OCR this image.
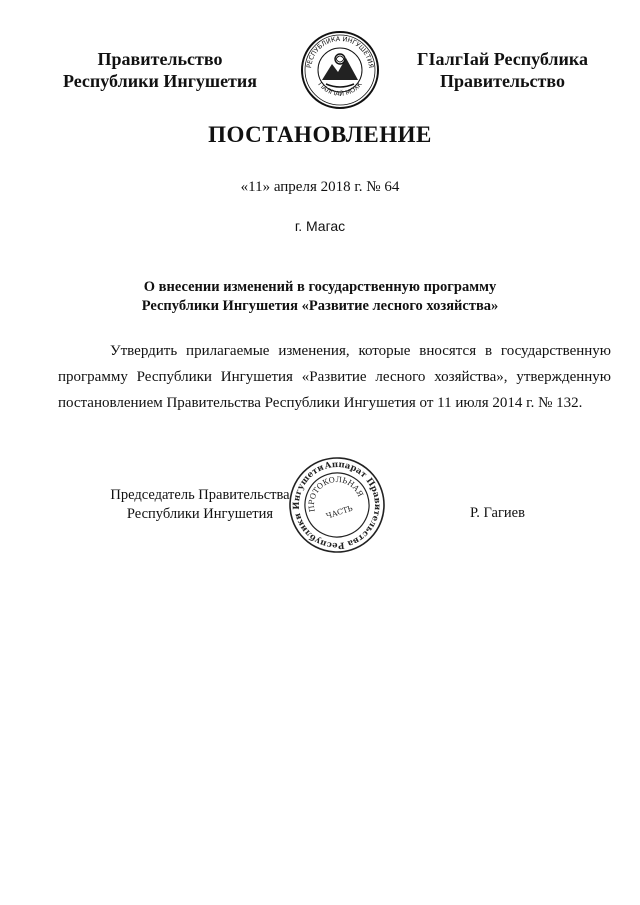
Правительство
Республики Ингушетия
РЕСПУБЛИКА ИНГУШЕТИЯ
ГIАЛГIАЙ МОХК
ГIалгIай Республика
Правительство
ПОСТАНОВЛЕНИЕ
«11» апреля 2018 г. № 64
г. Магас
О внесении изменений в государственную программу
Республики Ингушетия «Развитие лесного хозяйства»

Утвердить прилагаемые изменения, которые вносятся в государственную программу Республики Ингушетия «Развитие лесного хозяйства», утвержденную постановлением Правительства Республики Ингушетия от 11 июля 2014 г. № 132.

Председатель Правительства
Республики Ингушетия
Аппарат Правительства Республики Ингушетия
ПРОТОКОЛЬНАЯ
ЧАСТЬ	Р. Гагиев
